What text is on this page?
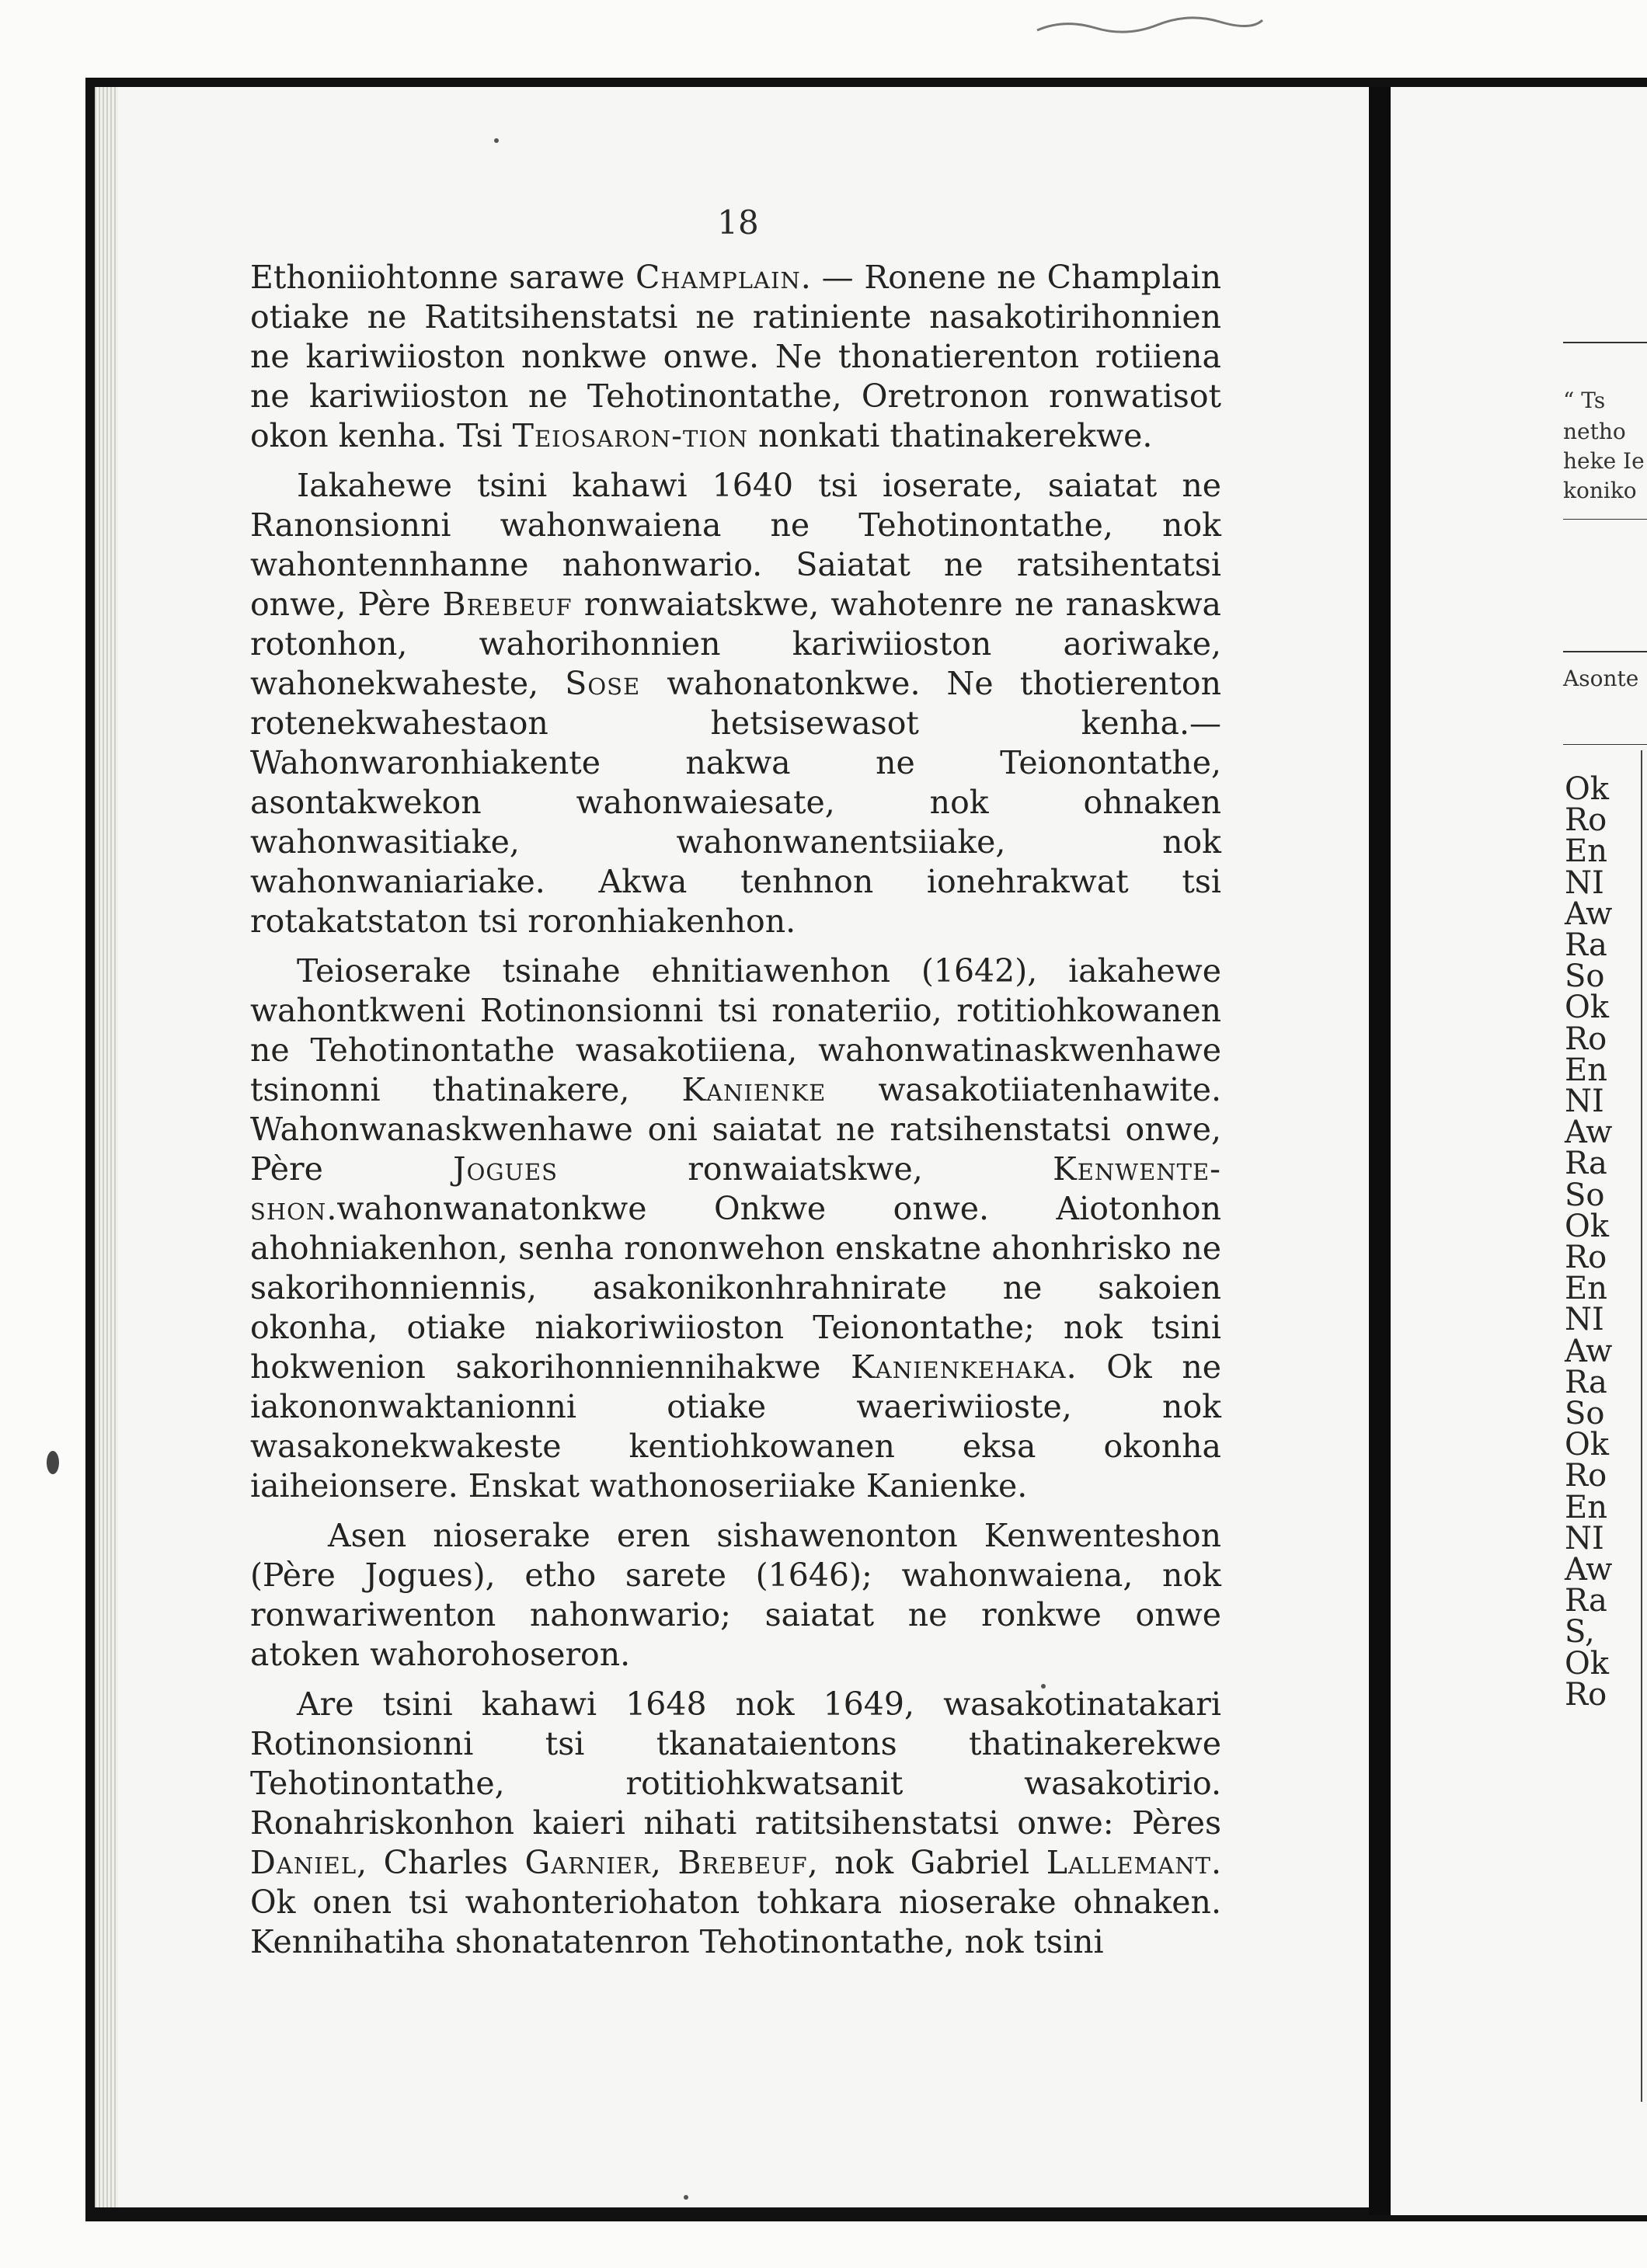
18

Ethoniiohtonne sarawe Champlain. — Ronene ne Champlain otiake ne Ratitsihenstatsi ne ratiniente nasakotirihonnien ne kariwiioston nonkwe onwe. Ne thonatierenton rotiiena ne kariwiioston ne Tehotinontathe, Oretronon ronwatisot okon kenha. Tsi Teiosaron-tion nonkati thatinakerekwe.

Iakahewe tsini kahawi 1640 tsi ioserate, saiatat ne Ranonsionni wahonwaiena ne Tehotinontathe, nok wahontennhanne nahonwario. Saiatat ne ratsihentatsi onwe, Père Brebeuf ronwaiatskwe, wahotenre ne ranaskwa rotonhon, wahorihonnien kariwiioston aoriwake, wahonekwaheste, Sose wahonatonkwe. Ne thotierenton rotenekwahestaon hetsisewasot kenha.—Wahonwaronhiakente nakwa ne Teionontathe, asontakwekon wahonwaiesate, nok ohnaken wahonwasitiake, wahonwanentsiiake, nok wahonwaniariake. Akwa tenhnon ionehrakwat tsi rotakatstaton tsi roronhiakenhon.

Teioserake tsinahe ehnitiawenhon (1642), iakahewe wahontkweni Rotinonsionni tsi ronateriio, rotitiohkowanen ne Tehotinontathe wasakotiiena, wahonwatinaskwenhawe tsinonni thatinakere, Kanienke wasakotiiatenhawite. Wahonwanaskwenhawe oni saiatat ne ratsihenstatsi onwe, Père Jogues ronwaiatskwe, Kenwente-shon.wahonwanatonkwe Onkwe onwe. Aiotonhon ahohniakenhon, senha rononwehon enskatne ahonhrisko ne sakorihonniennis, asakonikonhrahnirate ne sakoien okonha, otiake niakoriwiioston Teionontathe; nok tsini hokwenion sakorihonniennihakwe Kanienkehaka. Ok ne iakononwaktanionni otiake waeriwiioste, nok wasakonekwakeste kentiohkowanen eksa okonha iaiheionsere. Enskat wathonoseriiake Kanienke.

Asen nioserake eren sishawenonton Kenwenteshon (Père Jogues), etho sarete (1646); wahonwaiena, nok ronwariwenton nahonwario; saiatat ne ronkwe onwe atoken wahorohoseron.

Are tsini kahawi 1648 nok 1649, wasakotinatakari Rotinonsionni tsi tkanataientons thatinakerekwe Tehotinontathe, rotitiohkwatsanit wasakotirio. Ronahriskonhon kaieri nihati ratitsihenstatsi onwe: Pères Daniel, Charles Garnier, Brebeuf, nok Gabriel Lallemant. Ok onen tsi wahonteriohaton tohkara nioserake ohnaken. Kennihatiha shonatatenron Tehotinontathe, nok tsini

“ Ts
netho
heke Ie
koniko
Asonte
Ok
Ro
En
NI
Aw
Ra
So
Ok
Ro
En
NI
Aw
Ra
So
Ok
Ro
En
NI
Aw
Ra
So
Ok
Ro
En
NI
Aw
Ra
S,
Ok
Ro
